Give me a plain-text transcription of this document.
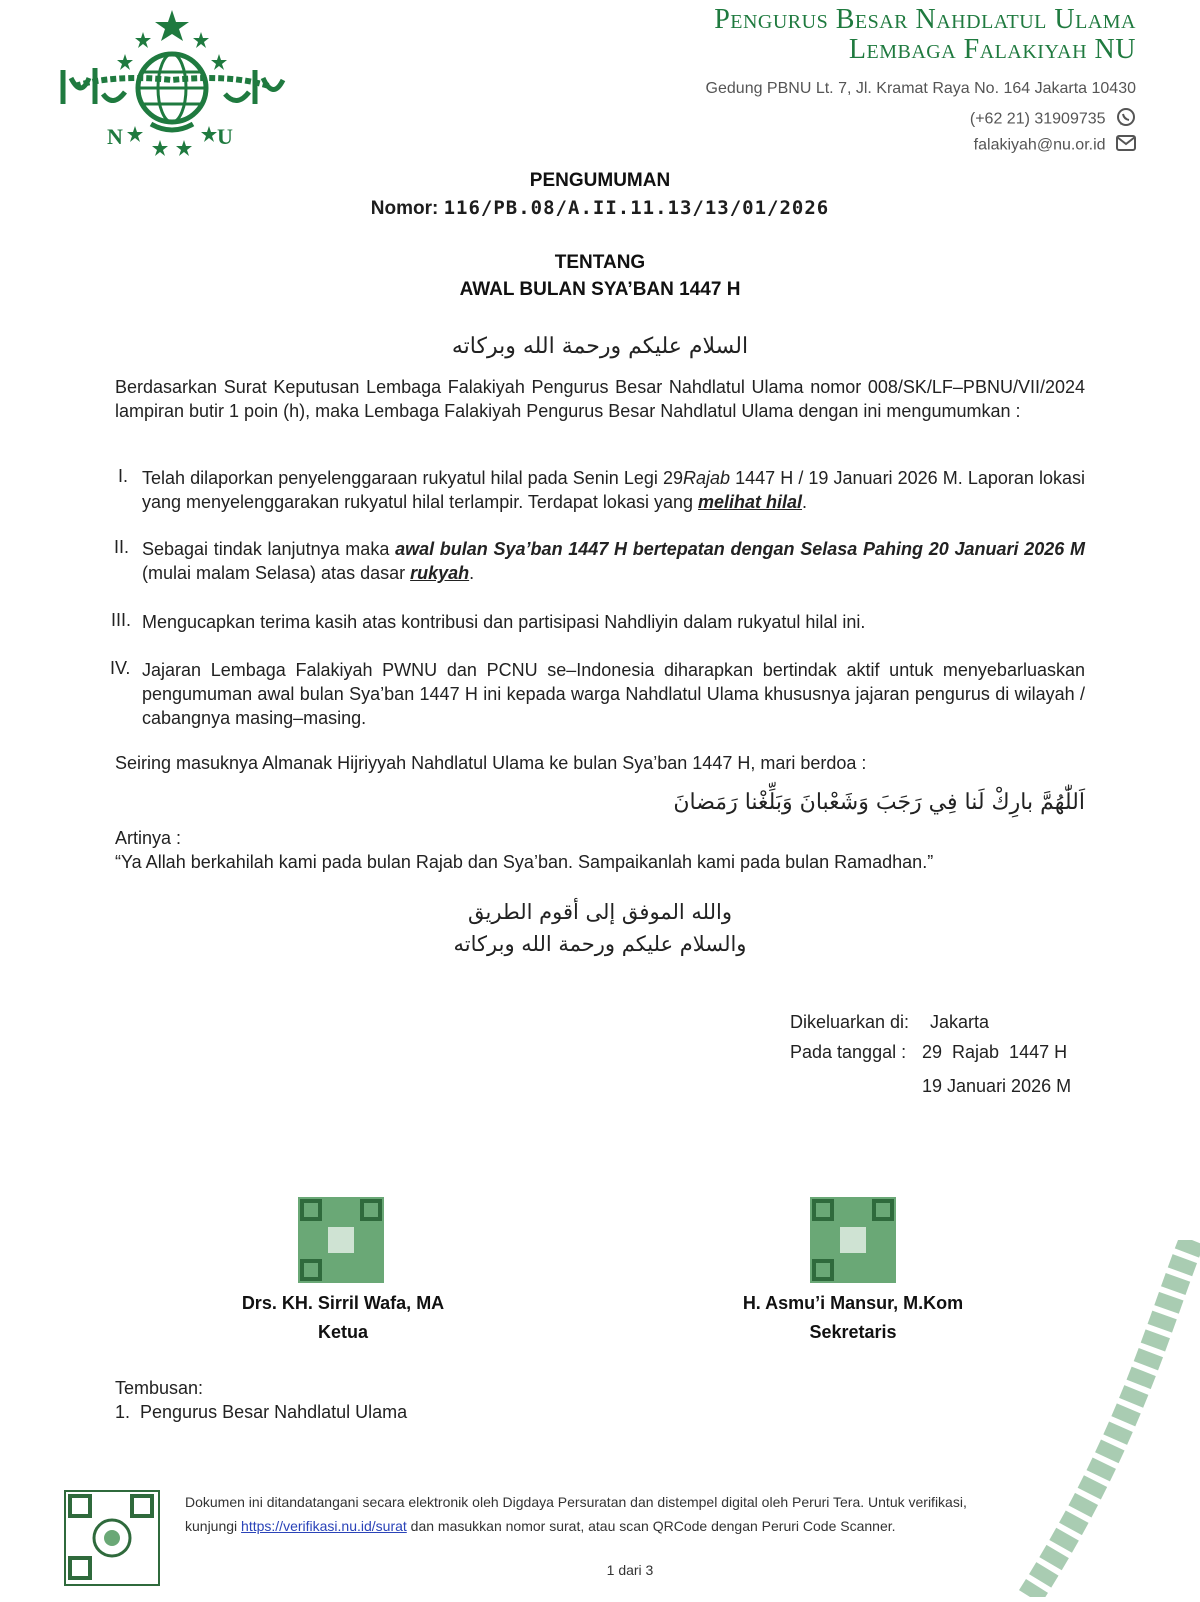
N	U
Pengurus Besar Nahdlatul Ulama
Lembaga Falakiyah NU
Gedung PBNU Lt. 7, Jl. Kramat Raya No. 164 Jakarta 10430
(+62 21) 31909735
falakiyah@nu.or.id
PENGUMUMAN
Nomor: 116/PB.08/A.II.11.13/13/01/2026
TENTANG
AWAL BULAN SYA’BAN 1447 H
السلام عليكم ورحمة الله وبركاته
Berdasarkan Surat Keputusan Lembaga Falakiyah Pengurus Besar Nahdlatul Ulama nomor 008/SK/LF–PBNU/VII/2024 lampiran butir 1 poin (h), maka Lembaga Falakiyah Pengurus Besar Nahdlatul Ulama dengan ini mengumumkan :
I. Telah dilaporkan penyelenggaraan rukyatul hilal pada Senin Legi 29Rajab 1447 H / 19 Januari 2026 M. Laporan lokasi yang menyelenggarakan rukyatul hilal terlampir. Terdapat lokasi yang melihat hilal.
II. Sebagai tindak lanjutnya maka awal bulan Sya’ban 1447 H bertepatan dengan Selasa Pahing 20 Januari 2026 M (mulai malam Selasa) atas dasar rukyah.
III. Mengucapkan terima kasih atas kontribusi dan partisipasi Nahdliyin dalam rukyatul hilal ini.
IV. Jajaran Lembaga Falakiyah PWNU dan PCNU se–Indonesia diharapkan bertindak aktif untuk menyebarluaskan pengumuman awal bulan Sya’ban 1447 H ini kepada warga Nahdlatul Ulama khususnya jajaran pengurus di wilayah / cabangnya masing–masing.
Seiring masuknya Almanak Hijriyyah Nahdlatul Ulama ke bulan Sya’ban 1447 H, mari berdoa :
اَللّٰهُمَّ بارِكْ لَنا فِي رَجَبَ وَشَعْبانَ وَبَلِّغْنا رَمَضانَ
Artinya :
“Ya Allah berkahilah kami pada bulan Rajab dan Sya’ban. Sampaikanlah kami pada bulan Ramadhan.”
والله الموفق إلى أقوم الطريق
والسلام عليكم ورحمة الله وبركاته
Dikeluarkan di: Jakarta
Pada tanggal : 29  Rajab  1447 H
19 Januari 2026 M
Drs. KH. Sirril Wafa, MA
Ketua
H. Asmu’i Mansur, M.Kom
Sekretaris
Tembusan:
1.  Pengurus Besar Nahdlatul Ulama
Dokumen ini ditandatangani secara elektronik oleh Digdaya Persuratan dan distempel digital oleh Peruri Tera. Untuk verifikasi,
kunjungi https://verifikasi.nu.id/surat dan masukkan nomor surat, atau scan QRCode dengan Peruri Code Scanner.
1 dari 3
